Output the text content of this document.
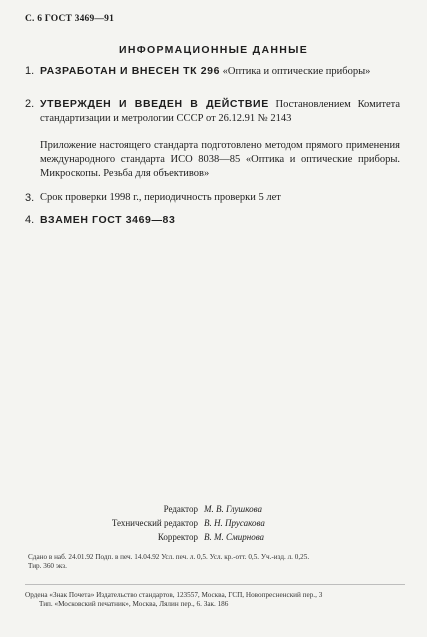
С. 6 ГОСТ 3469—91
ИНФОРМАЦИОННЫЕ ДАННЫЕ
1. РАЗРАБОТАН И ВНЕСЕН ТК 296 «Оптика и оптические приборы»
2. УТВЕРЖДЕН И ВВЕДЕН В ДЕЙСТВИЕ Постановлением Комитета стандартизации и метрологии СССР от 26.12.91 № 2143
Приложение настоящего стандарта подготовлено методом прямого применения международного стандарта ИСО 8038—85 «Оптика и оптические приборы. Микроскопы. Резьба для объективов»
3. Срок проверки 1998 г., периодичность проверки 5 лет
4. ВЗАМЕН ГОСТ 3469—83
Редактор М. В. Глушкова
Технический редактор В. Н. Прусакова
Корректор В. М. Смирнова
Сдано в наб. 24.01.92 Подп. в печ. 14.04.92 Усл. печ. л. 0,5. Усл. кр.-отт. 0,5. Уч.-изд. л. 0,25.
Тир. 360 экз.
Ордена «Знак Почета» Издательство стандартов, 123557, Москва, ГСП, Новопресненский пер., 3
Тип. «Московский печатник», Москва, Лялин пер., 6. Зак. 186
